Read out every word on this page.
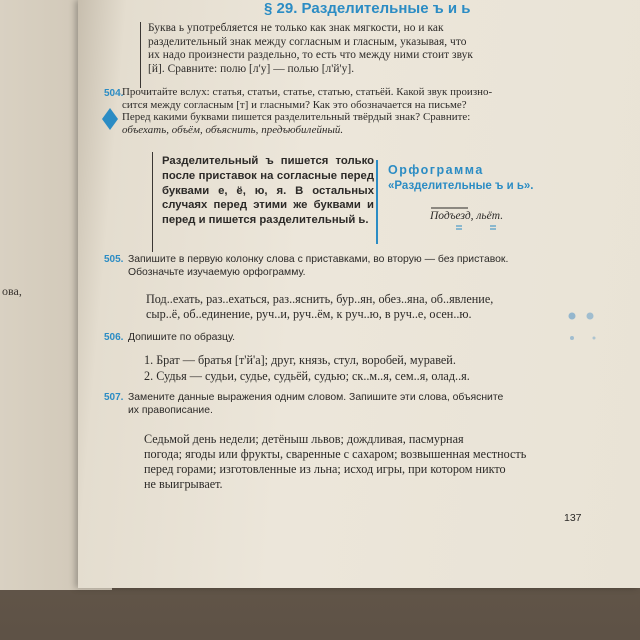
ова,
§ 29. Разделительные ъ и ь
Буква ь употребляется не только как знак мягкости, но и как
разделительный знак между согласным и гласным, указывая, что
их надо произнести раздельно, то есть что между ними стоит звук
[й]. Сравните: полю [л'у] — полью [л'й'у].
504.
Прочитайте вслух: статья, статьи, статье, статью, статьёй. Какой звук произно-
сится между согласным [т] и гласными? Как это обозначается на письме?
Перед какими буквами пишется разделительный твёрдый знак? Сравните:
объехать, объём, объяснить, предъюбилейный.
Разделительный ъ пишется только после приставок на согласные перед буквами е, ё, ю, я. В остальных случаях перед этими же буквами и перед и пишется разделительный ь.
Орфограмма
«Разделительные ъ и ь».
Подъезд, льёт.
505. Запишите в первую колонку слова с приставками, во вторую — без приставок.
Обозначьте изучаемую орфограмму.
Под..ехать, раз..ехаться, раз..яснить, бур..ян, обез..яна, об..явление,
сыр..ё, об..единение, руч..и, руч..ём, к руч..ю, в руч..е, осен..ю.
506. Допишите по образцу.
1. Брат — братья [т'й'а]; друг, князь, стул, воробей, муравей.
2. Судья — судьи, судье, судьёй, судью; ск..м..я, сем..я, олад..я.
507. Замените данные выражения одним словом. Запишите эти слова, объясните
их правописание.
Седьмой день недели; детёныш львов; дождливая, пасмурная
погода; ягоды или фрукты, сваренные с сахаром; возвышенная местность
перед горами; изготовленные из льна; исход игры, при котором никто
не выигрывает.
137
